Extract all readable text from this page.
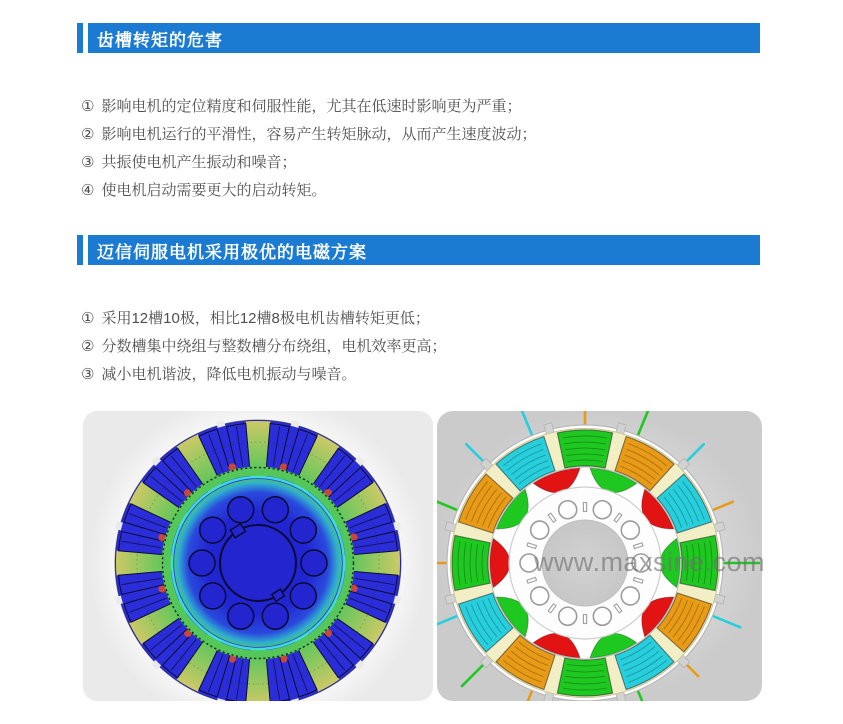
齿槽转矩的危害
① 影响电机的定位精度和伺服性能，尤其在低速时影响更为严重；
② 影响电机运行的平滑性，容易产生转矩脉动，从而产生速度波动；
③ 共振使电机产生振动和噪音；
④ 使电机启动需要更大的启动转矩。
迈信伺服电机采用极优的电磁方案
① 采用12槽10极，相比12槽8极电机齿槽转矩更低；
② 分数槽集中绕组与整数槽分布绕组，电机效率更高；
③ 减小电机谐波，降低电机振动与噪音。
www.maxsine.com
